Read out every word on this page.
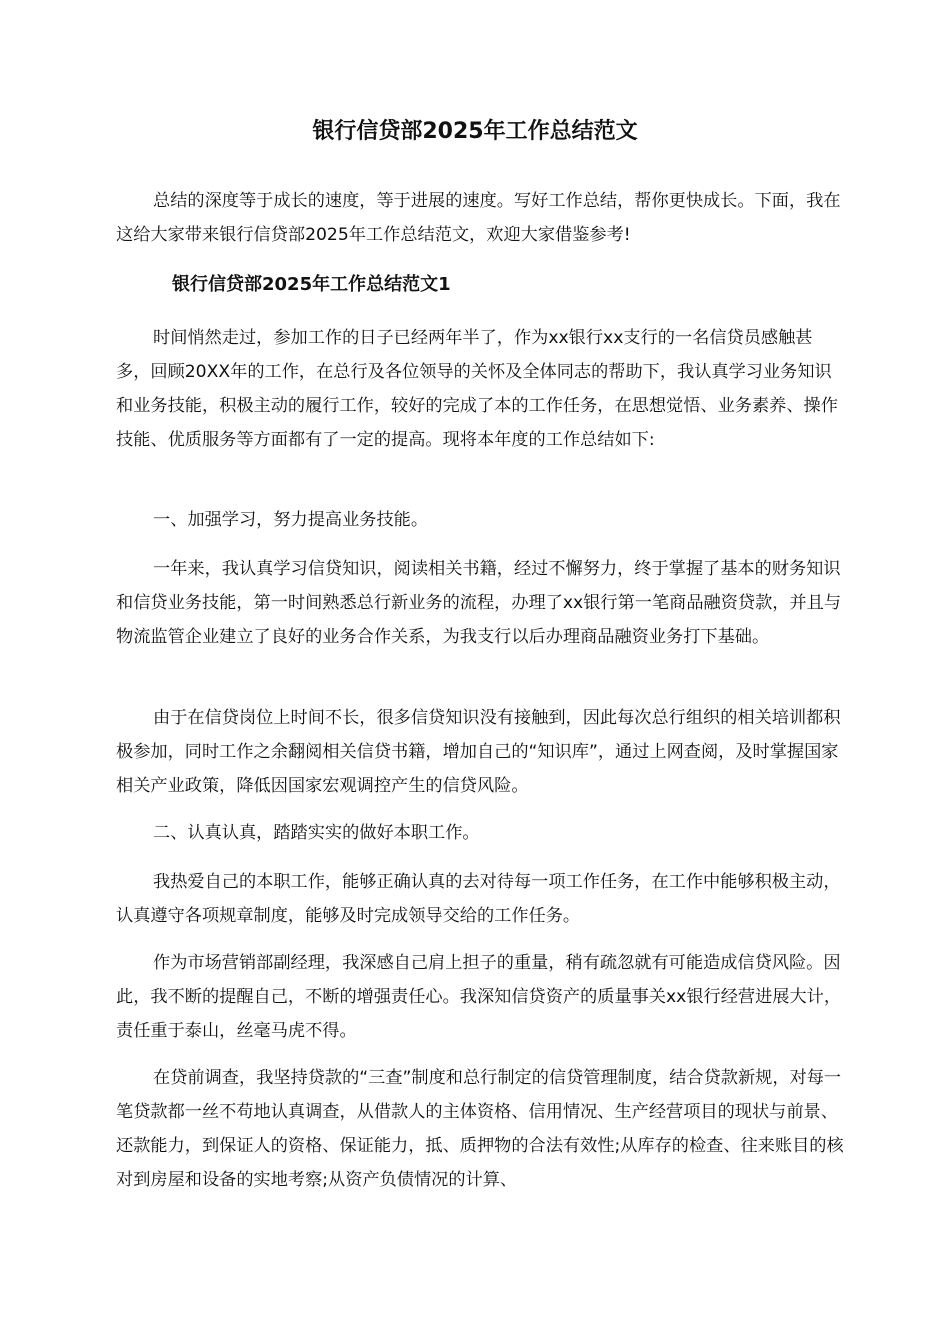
银行信贷部2025年工作总结范文

总结的深度等于成长的速度，等于进展的速度。写好工作总结，帮你更快成长。下面，我在这给大家带来银行信贷部2025年工作总结范文，欢迎大家借鉴参考!

银行信贷部2025年工作总结范文1

时间悄然走过，参加工作的日子已经两年半了，作为xx银行xx支行的一名信贷员感触甚多，回顾20XX年的工作，在总行及各位领导的关怀及全体同志的帮助下，我认真学习业务知识和业务技能，积极主动的履行工作，较好的完成了本的工作任务，在思想觉悟、业务素养、操作技能、优质服务等方面都有了一定的提高。现将本年度的工作总结如下:

一、加强学习，努力提高业务技能。

一年来，我认真学习信贷知识，阅读相关书籍，经过不懈努力，终于掌握了基本的财务知识和信贷业务技能，第一时间熟悉总行新业务的流程，办理了xx银行第一笔商品融资贷款，并且与物流监管企业建立了良好的业务合作关系，为我支行以后办理商品融资业务打下基础。

由于在信贷岗位上时间不长，很多信贷知识没有接触到，因此每次总行组织的相关培训都积极参加，同时工作之余翻阅相关信贷书籍，增加自己的“知识库”，通过上网查阅，及时掌握国家相关产业政策，降低因国家宏观调控产生的信贷风险。

二、认真认真，踏踏实实的做好本职工作。

我热爱自己的本职工作，能够正确认真的去对待每一项工作任务，在工作中能够积极主动，认真遵守各项规章制度，能够及时完成领导交给的工作任务。

作为市场营销部副经理，我深感自己肩上担子的重量，稍有疏忽就有可能造成信贷风险。因此，我不断的提醒自己，不断的增强责任心。我深知信贷资产的质量事关xx银行经营进展大计，责任重于泰山，丝毫马虎不得。

在贷前调查，我坚持贷款的“三查”制度和总行制定的信贷管理制度，结合贷款新规，对每一笔贷款都一丝不苟地认真调查，从借款人的主体资格、信用情况、生产经营项目的现状与前景、还款能力，到保证人的资格、保证能力，抵、质押物的合法有效性;从库存的检查、往来账目的核对到房屋和设备的实地考察;从资产负债情况的计算、
